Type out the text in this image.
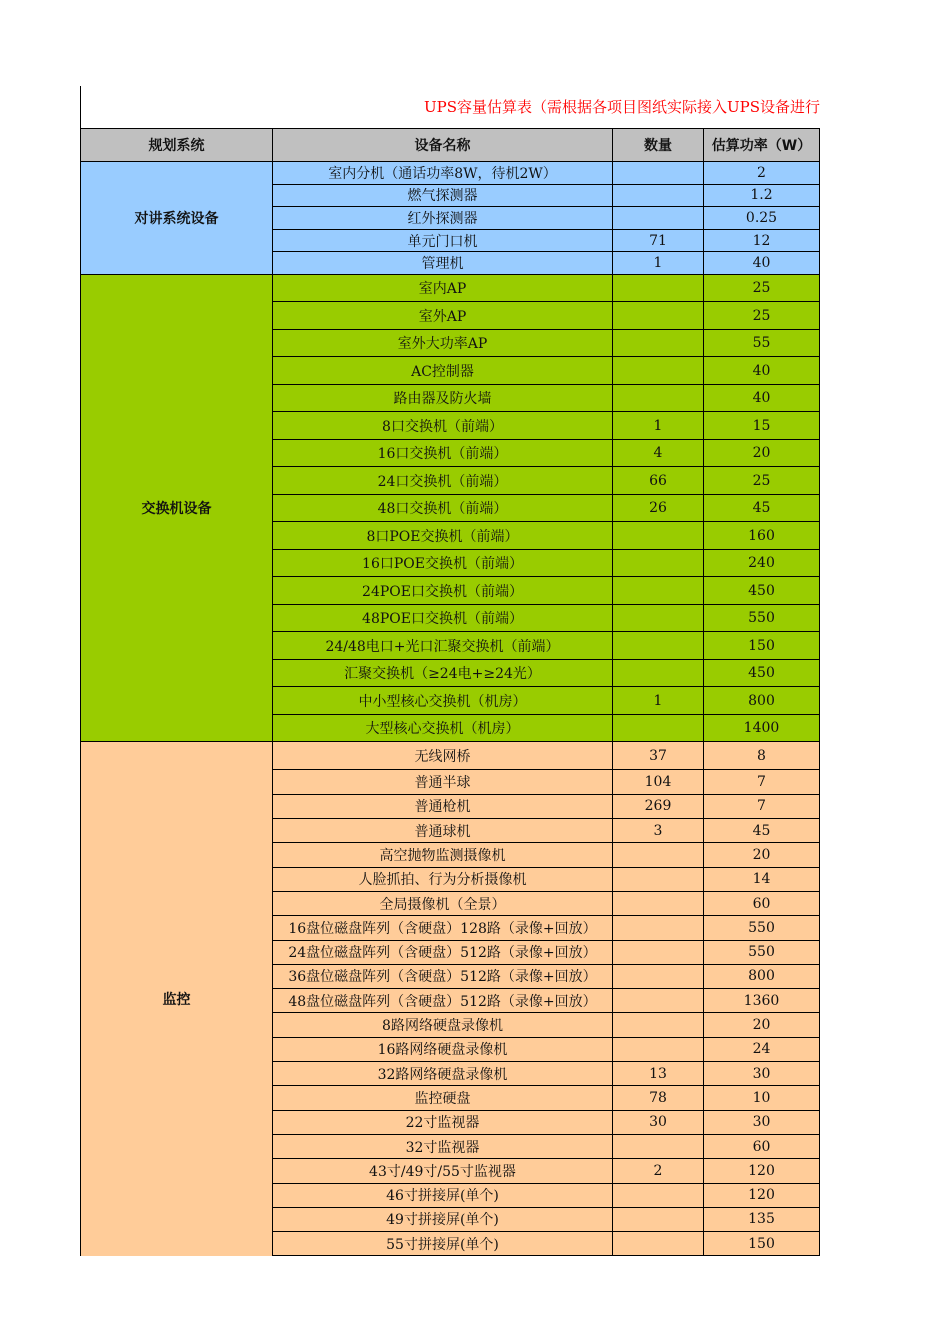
UPS容量估算表（需根据各项目图纸实际接入UPS设备进行
规划系统	设备名称	数量	估算功率（W）
对讲系统设备	室内分机（通话功率8W，待机2W）		2
	燃气探测器		1.2
	红外探测器		0.25
	单元门口机	71	12
	管理机	1	40
交换机设备	室内AP		25
	室外AP		25
	室外大功率AP		55
	AC控制器		40
	路由器及防火墙		40
	8口交换机（前端）	1	15
	16口交换机（前端）	4	20
	24口交换机（前端）	66	25
	48口交换机（前端）	26	45
	8口POE交换机（前端）		160
	16口POE交换机（前端）		240
	24POE口交换机（前端）		450
	48POE口交换机（前端）		550
	24/48电口+光口汇聚交换机（前端）		150
	汇聚交换机（≥24电+≥24光）		450
	中小型核心交换机（机房）	1	800
	大型核心交换机（机房）		1400
监控	无线网桥	37	8
	普通半球	104	7
	普通枪机	269	7
	普通球机	3	45
	高空抛物监测摄像机		20
	人脸抓拍、行为分析摄像机		14
	全局摄像机（全景）		60
	16盘位磁盘阵列（含硬盘）128路（录像+回放）		550
	24盘位磁盘阵列（含硬盘）512路（录像+回放）		550
	36盘位磁盘阵列（含硬盘）512路（录像+回放）		800
	48盘位磁盘阵列（含硬盘）512路（录像+回放）		1360
	8路网络硬盘录像机		20
	16路网络硬盘录像机		24
	32路网络硬盘录像机	13	30
	监控硬盘	78	10
	22寸监视器	30	30
	32寸监视器		60
	43寸/49寸/55寸监视器	2	120
	46寸拼接屏(单个)		120
	49寸拼接屏(单个)		135
	55寸拼接屏(单个)		150
